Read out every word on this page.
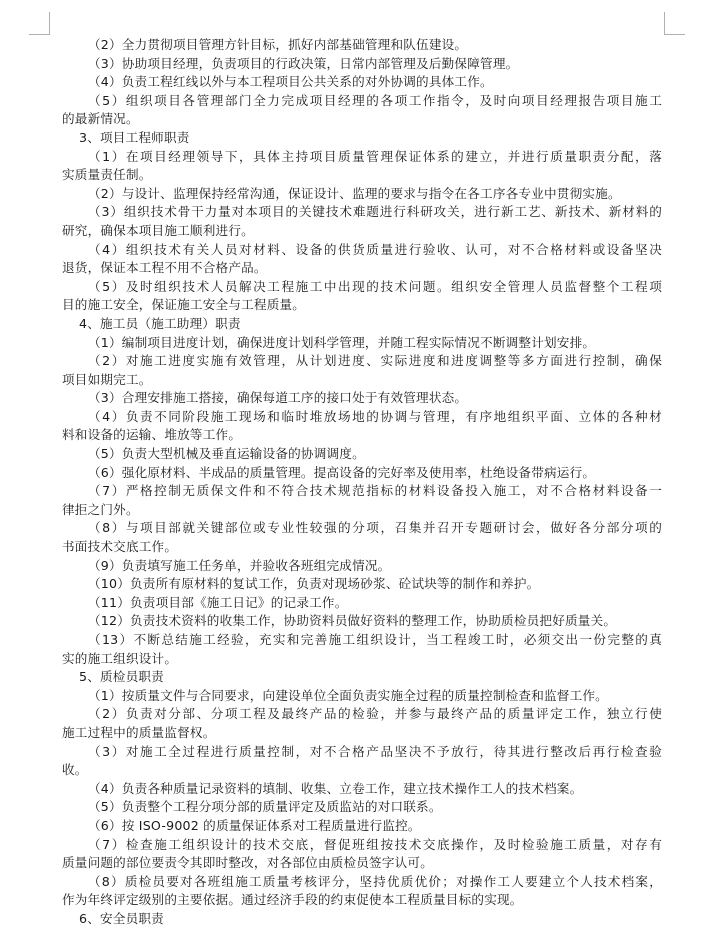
（2）全力贯彻项目管理方针目标，抓好内部基础管理和队伍建设。
（3）协助项目经理，负责项目的行政决策，日常内部管理及后勤保障管理。
（4）负责工程红线以外与本工程项目公共关系的对外协调的具体工作。
（5）组织项目各管理部门全力完成项目经理的各项工作指令，及时向项目经理报告项目施工
的最新情况。
3、项目工程师职责
（1）在项目经理领导下，具体主持项目质量管理保证体系的建立，并进行质量职责分配，落
实质量责任制。
（2）与设计、监理保持经常沟通，保证设计、监理的要求与指令在各工序各专业中贯彻实施。
（3）组织技术骨干力量对本项目的关键技术难题进行科研攻关，进行新工艺、新技术、新材料的
研究，确保本项目施工顺利进行。
（4）组织技术有关人员对材料、设备的供货质量进行验收、认可，对不合格材料或设备坚决
退货，保证本工程不用不合格产品。
（5）及时组织技术人员解决工程施工中出现的技术问题。组织安全管理人员监督整个工程项
目的施工安全，保证施工安全与工程质量。
4、施工员（施工助理）职责
（1）编制项目进度计划，确保进度计划科学管理，并随工程实际情况不断调整计划安排。
（2）对施工进度实施有效管理，从计划进度、实际进度和进度调整等多方面进行控制，确保
项目如期完工。
（3）合理安排施工搭接，确保每道工序的接口处于有效管理状态。
（4）负责不同阶段施工现场和临时堆放场地的协调与管理，有序地组织平面、立体的各种材
料和设备的运输、堆放等工作。
（5）负责大型机械及垂直运输设备的协调调度。
（6）强化原材料、半成品的质量管理。提高设备的完好率及使用率，杜绝设备带病运行。
（7）严格控制无质保文件和不符合技术规范指标的材料设备投入施工，对不合格材料设备一
律拒之门外。
（8）与项目部就关键部位或专业性较强的分项，召集并召开专题研讨会，做好各分部分项的
书面技术交底工作。
（9）负责填写施工任务单，并验收各班组完成情况。
（10）负责所有原材料的复试工作，负责对现场砂浆、砼试块等的制作和养护。
（11）负责项目部《施工日记》的记录工作。
（12）负责技术资料的收集工作，协助资料员做好资料的整理工作，协助质检员把好质量关。
（13）不断总结施工经验，充实和完善施工组织设计，当工程竣工时，必须交出一份完整的真
实的施工组织设计。
5、质检员职责
（1）按质量文件与合同要求，向建设单位全面负责实施全过程的质量控制检查和监督工作。
（2）负责对分部、分项工程及最终产品的检验，并参与最终产品的质量评定工作，独立行使
施工过程中的质量监督权。
（3）对施工全过程进行质量控制，对不合格产品坚决不予放行，待其进行整改后再行检查验
收。
（4）负责各种质量记录资料的填制、收集、立卷工作，建立技术操作工人的技术档案。
（5）负责整个工程分项分部的质量评定及质监站的对口联系。
（6）按 ISO-9002 的质量保证体系对工程质量进行监控。
（7）检查施工组织设计的技术交底，督促班组按技术交底操作，及时检验施工质量，对存有
质量问题的部位要责令其即时整改，对各部位由质检员签字认可。
（8）质检员要对各班组施工质量考核评分，坚持优质优价；对操作工人要建立个人技术档案，
作为年终评定级别的主要依据。通过经济手段的约束促使本工程质量目标的实现。
6、安全员职责
